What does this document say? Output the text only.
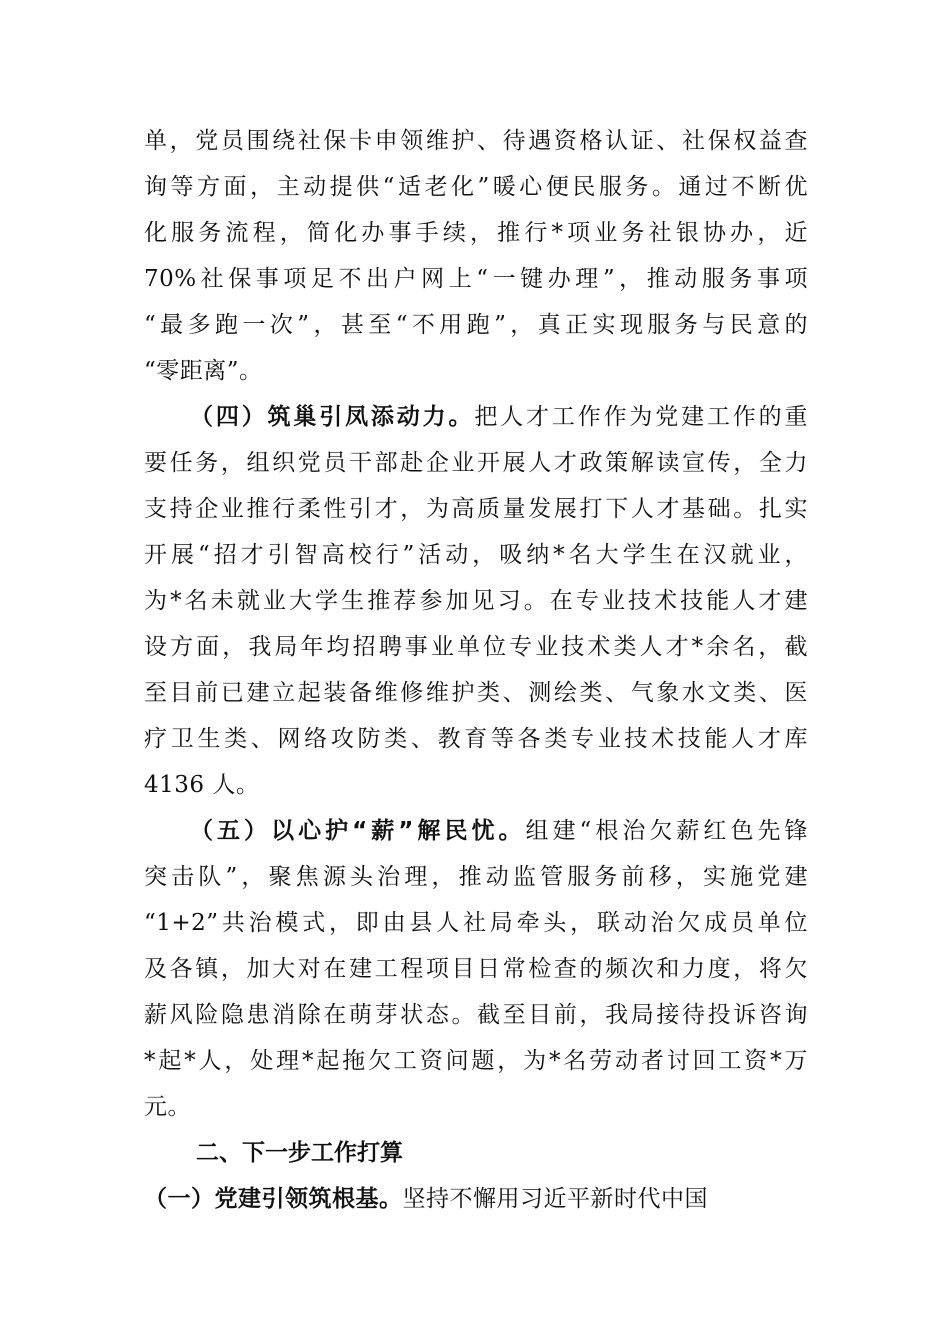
单，党员围绕社保卡申领维护、待遇资格认证、社保权益查
询等方面，主动提供“适老化”暖心便民服务。通过不断优
化服务流程，简化办事手续，推行*项业务社银协办，近
70%社保事项足不出户网上“一键办理”，推动服务事项
“最多跑一次”，甚至“不用跑”，真正实现服务与民意的
“零距离”。
（四）筑巢引凤添动力。把人才工作作为党建工作的重
要任务，组织党员干部赴企业开展人才政策解读宣传，全力
支持企业推行柔性引才，为高质量发展打下人才基础。扎实
开展“招才引智高校行”活动，吸纳*名大学生在汉就业，
为*名未就业大学生推荐参加见习。在专业技术技能人才建
设方面，我局年均招聘事业单位专业技术类人才*余名，截
至目前已建立起装备维修维护类、测绘类、气象水文类、医
疗卫生类、网络攻防类、教育等各类专业技术技能人才库
4136 人。
（五）以心护“薪”解民忧。组建“根治欠薪红色先锋
突击队”，聚焦源头治理，推动监管服务前移，实施党建
“1+2”共治模式，即由县人社局牵头，联动治欠成员单位
及各镇，加大对在建工程项目日常检查的频次和力度，将欠
薪风险隐患消除在萌芽状态。截至目前，我局接待投诉咨询
*起*人，处理*起拖欠工资问题，为*名劳动者讨回工资*万
元。
二、下一步工作打算
（一）党建引领筑根基。坚持不懈用习近平新时代中国
